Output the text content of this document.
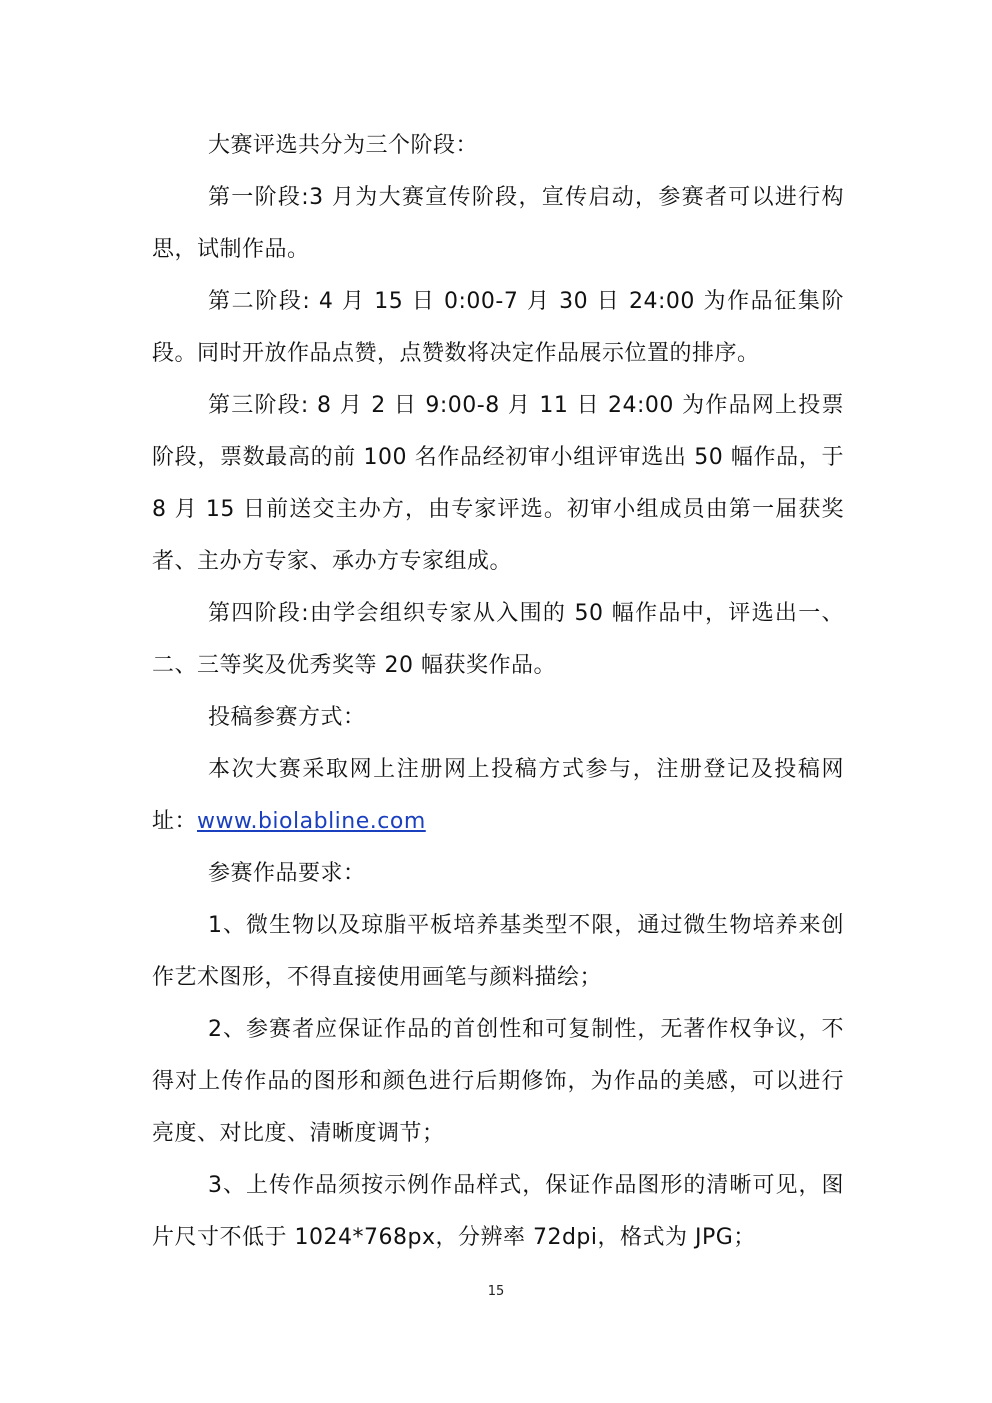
大赛评选共分为三个阶段：

第一阶段:3 月为大赛宣传阶段，宣传启动，参赛者可以进行构思，试制作品。

第二阶段: 4 月 15 日 0:00-7 月 30 日 24:00 为作品征集阶段。同时开放作品点赞，点赞数将决定作品展示位置的排序。

第三阶段: 8 月 2 日 9:00-8 月 11 日 24:00 为作品网上投票阶段，票数最高的前 100 名作品经初审小组评审选出 50 幅作品，于 8 月 15 日前送交主办方，由专家评选。初审小组成员由第一届获奖者、主办方专家、承办方专家组成。

第四阶段:由学会组织专家从入围的 50 幅作品中，评选出一、二、三等奖及优秀奖等 20 幅获奖作品。

投稿参赛方式：

本次大赛采取网上注册网上投稿方式参与，注册登记及投稿网址：www.biolabline.com

参赛作品要求：

1、微生物以及琼脂平板培养基类型不限，通过微生物培养来创作艺术图形，不得直接使用画笔与颜料描绘；

2、参赛者应保证作品的首创性和可复制性，无著作权争议，不得对上传作品的图形和颜色进行后期修饰，为作品的美感，可以进行亮度、对比度、清晰度调节；

3、上传作品须按示例作品样式，保证作品图形的清晰可见，图片尺寸不低于 1024*768px，分辨率 72dpi，格式为 JPG；

15
